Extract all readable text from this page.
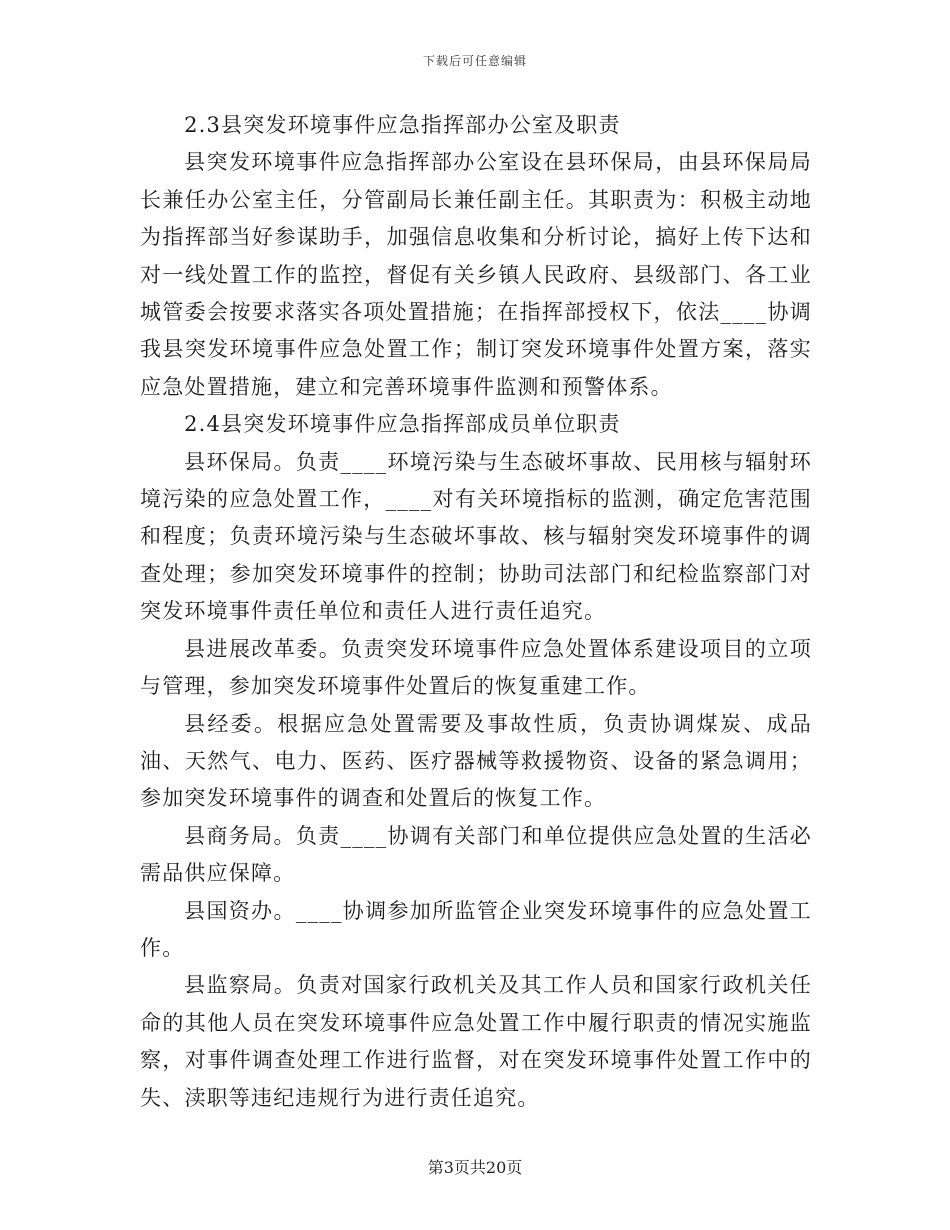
下载后可任意编辑

2.3县突发环境事件应急指挥部办公室及职责

县突发环境事件应急指挥部办公室设在县环保局，由县环保局局长兼任办公室主任，分管副局长兼任副主任。其职责为：积极主动地为指挥部当好参谋助手，加强信息收集和分析讨论，搞好上传下达和对一线处置工作的监控，督促有关乡镇人民政府、县级部门、各工业城管委会按要求落实各项处置措施；在指挥部授权下，依法____协调我县突发环境事件应急处置工作；制订突发环境事件处置方案，落实应急处置措施，建立和完善环境事件监测和预警体系。

2.4县突发环境事件应急指挥部成员单位职责

县环保局。负责____环境污染与生态破坏事故、民用核与辐射环境污染的应急处置工作，____对有关环境指标的监测，确定危害范围和程度；负责环境污染与生态破坏事故、核与辐射突发环境事件的调查处理；参加突发环境事件的控制；协助司法部门和纪检监察部门对突发环境事件责任单位和责任人进行责任追究。

县进展改革委。负责突发环境事件应急处置体系建设项目的立项与管理，参加突发环境事件处置后的恢复重建工作。

县经委。根据应急处置需要及事故性质，负责协调煤炭、成品油、天然气、电力、医药、医疗器械等救援物资、设备的紧急调用；参加突发环境事件的调查和处置后的恢复工作。

县商务局。负责____协调有关部门和单位提供应急处置的生活必需品供应保障。

县国资办。____协调参加所监管企业突发环境事件的应急处置工作。

县监察局。负责对国家行政机关及其工作人员和国家行政机关任命的其他人员在突发环境事件应急处置工作中履行职责的情况实施监察，对事件调查处理工作进行监督，对在突发环境事件处置工作中的失、渎职等违纪违规行为进行责任追究。

第3页共20页
